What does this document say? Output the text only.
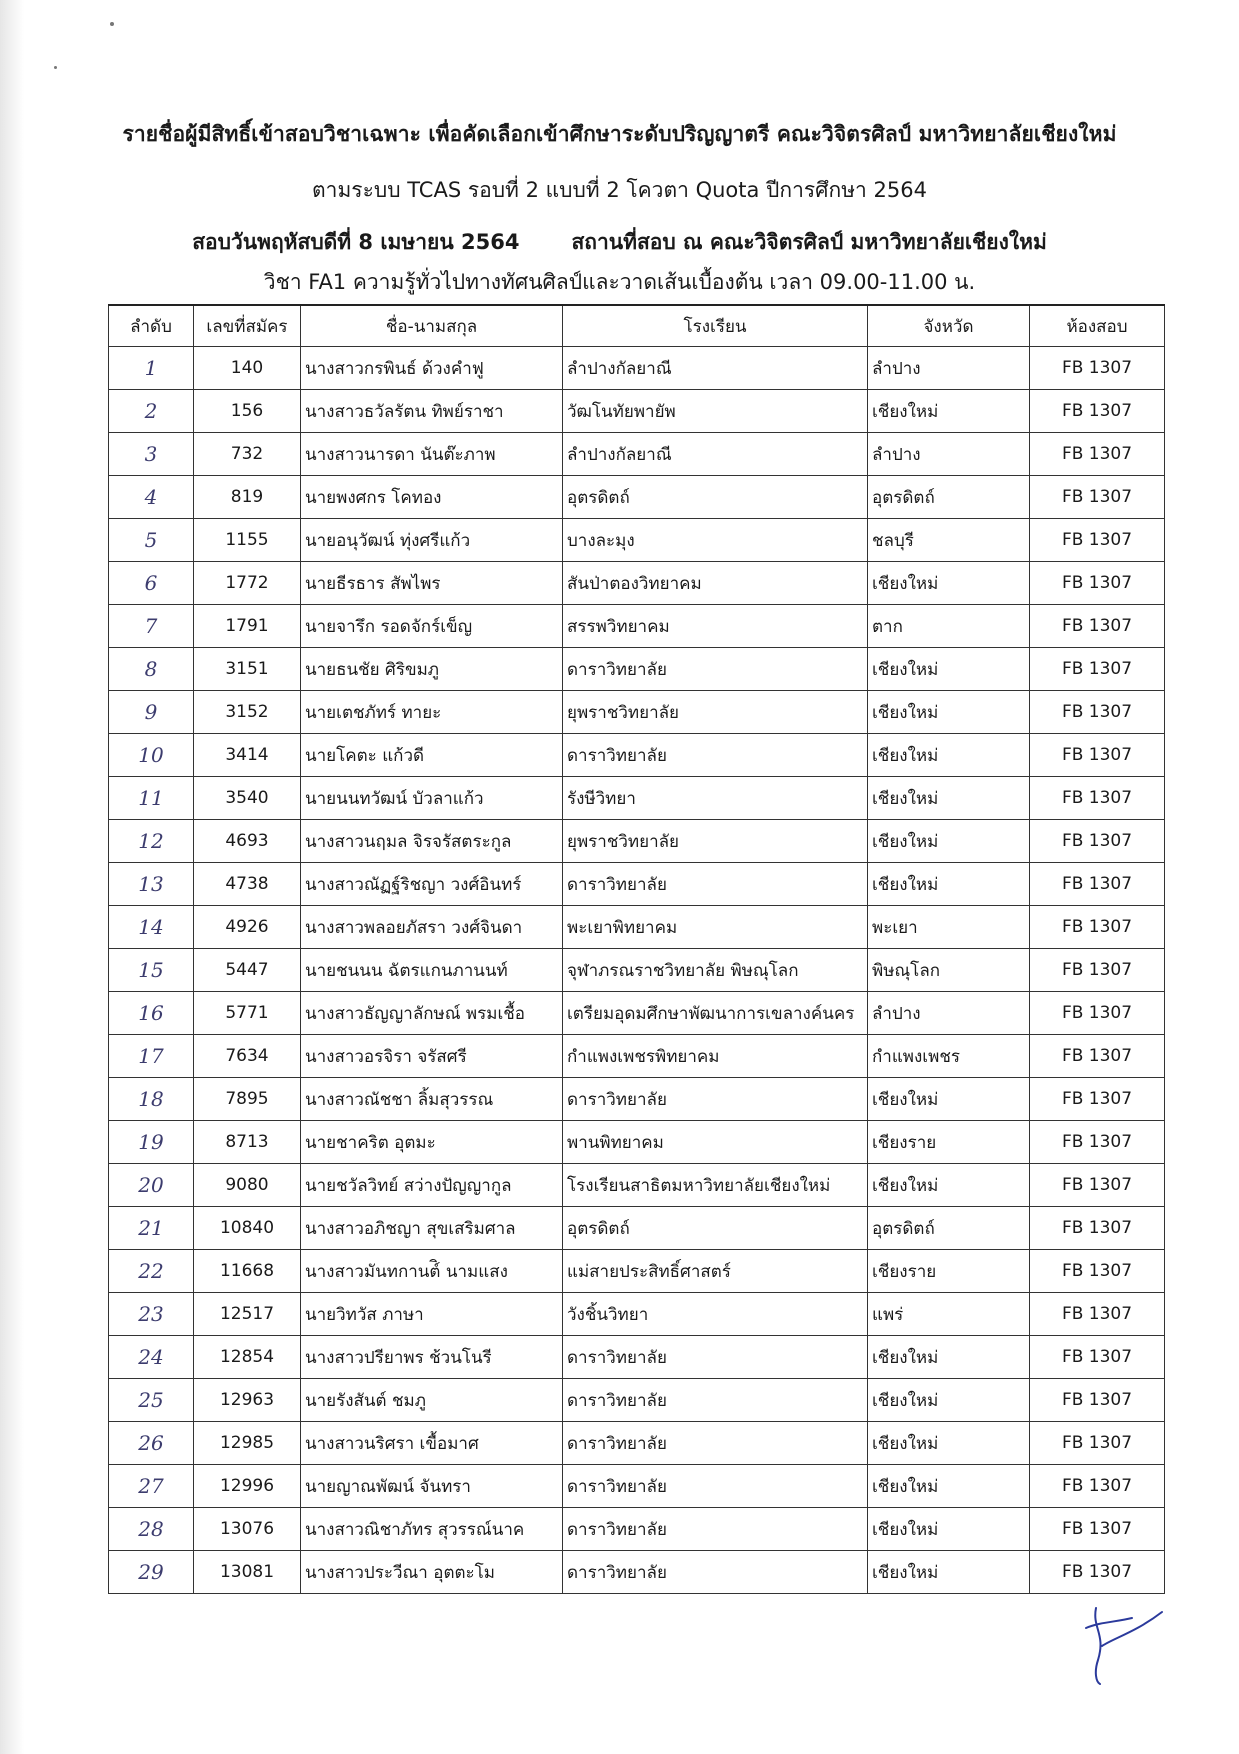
รายชื่อผู้มีสิทธิ์เข้าสอบวิชาเฉพาะ เพื่อคัดเลือกเข้าศึกษาระดับปริญญาตรี คณะวิจิตรศิลป์ มหาวิทยาลัยเชียงใหม่
ตามระบบ TCAS รอบที่ 2 แบบที่ 2 โควตา Quota ปีการศึกษา 2564
สอบวันพฤหัสบดีที่ 8 เมษายน 2564 สถานที่สอบ ณ คณะวิจิตรศิลป์ มหาวิทยาลัยเชียงใหม่
วิชา FA1 ความรู้ทั่วไปทางทัศนศิลป์และวาดเส้นเบื้องต้น เวลา 09.00-11.00 น.
ลำดับ	เลขที่สมัคร	ชื่อ-นามสกุล	โรงเรียน	จังหวัด	ห้องสอบ
1	140	นางสาวกรพินธ์ ด้วงคำฟู	ลำปางกัลยาณี	ลำปาง	FB 1307
2	156	นางสาวธวัลรัตน ทิพย์ราชา	วัฒโนทัยพายัพ	เชียงใหม่	FB 1307
3	732	นางสาวนารดา นันต๊ะภาพ	ลำปางกัลยาณี	ลำปาง	FB 1307
4	819	นายพงศกร โคทอง	อุตรดิตถ์	อุตรดิตถ์	FB 1307
5	1155	นายอนุวัฒน์ ทุ่งศรีแก้ว	บางละมุง	ชลบุรี	FB 1307
6	1772	นายธีรธาร สัพไพร	สันป่าตองวิทยาคม	เชียงใหม่	FB 1307
7	1791	นายจารึก รอดจักร์เข็ญ	สรรพวิทยาคม	ตาก	FB 1307
8	3151	นายธนชัย ศิริขมภู	ดาราวิทยาลัย	เชียงใหม่	FB 1307
9	3152	นายเตชภัทร์ ทายะ	ยุพราชวิทยาลัย	เชียงใหม่	FB 1307
10	3414	นายโคตะ แก้วดี	ดาราวิทยาลัย	เชียงใหม่	FB 1307
11	3540	นายนนทวัฒน์ บัวลาแก้ว	รังษีวิทยา	เชียงใหม่	FB 1307
12	4693	นางสาวนฤมล จิรจรัสตระกูล	ยุพราชวิทยาลัย	เชียงใหม่	FB 1307
13	4738	นางสาวณัฏฐ์ริชญา วงศ์อินทร์	ดาราวิทยาลัย	เชียงใหม่	FB 1307
14	4926	นางสาวพลอยภัสรา วงศ์จินดา	พะเยาพิทยาคม	พะเยา	FB 1307
15	5447	นายชนนน ฉัตรแกนภานนท์	จุฬาภรณราชวิทยาลัย พิษณุโลก	พิษณุโลก	FB 1307
16	5771	นางสาวธัญญาลักษณ์ พรมเชื้อ	เตรียมอุดมศึกษาพัฒนาการเขลางค์นคร	ลำปาง	FB 1307
17	7634	นางสาวอรจิรา จรัสศรี	กำแพงเพชรพิทยาคม	กำแพงเพชร	FB 1307
18	7895	นางสาวณัชชา ลิ้มสุวรรณ	ดาราวิทยาลัย	เชียงใหม่	FB 1307
19	8713	นายชาคริต อุตมะ	พานพิทยาคม	เชียงราย	FB 1307
20	9080	นายชวัลวิทย์ สว่างปัญญากูล	โรงเรียนสาธิตมหาวิทยาลัยเชียงใหม่	เชียงใหม่	FB 1307
21	10840	นางสาวอภิชญา สุขเสริมศาล	อุตรดิตถ์	อุตรดิตถ์	FB 1307
22	11668	นางสาวมันทกานต์ิ นามแสง	แม่สายประสิทธิ์ศาสตร์	เชียงราย	FB 1307
23	12517	นายวิทวัส ภาษา	วังชิ้นวิทยา	แพร่	FB 1307
24	12854	นางสาวปรียาพร ช้วนโนรี	ดาราวิทยาลัย	เชียงใหม่	FB 1307
25	12963	นายรังสันต์ ชมภู	ดาราวิทยาลัย	เชียงใหม่	FB 1307
26	12985	นางสาวนริศรา เขื้อมาศ	ดาราวิทยาลัย	เชียงใหม่	FB 1307
27	12996	นายญาณพัฒน์ จันทรา	ดาราวิทยาลัย	เชียงใหม่	FB 1307
28	13076	นางสาวณิชาภัทร สุวรรณ์นาค	ดาราวิทยาลัย	เชียงใหม่	FB 1307
29	13081	นางสาวประวีณา อุตตะโม	ดาราวิทยาลัย	เชียงใหม่	FB 1307
